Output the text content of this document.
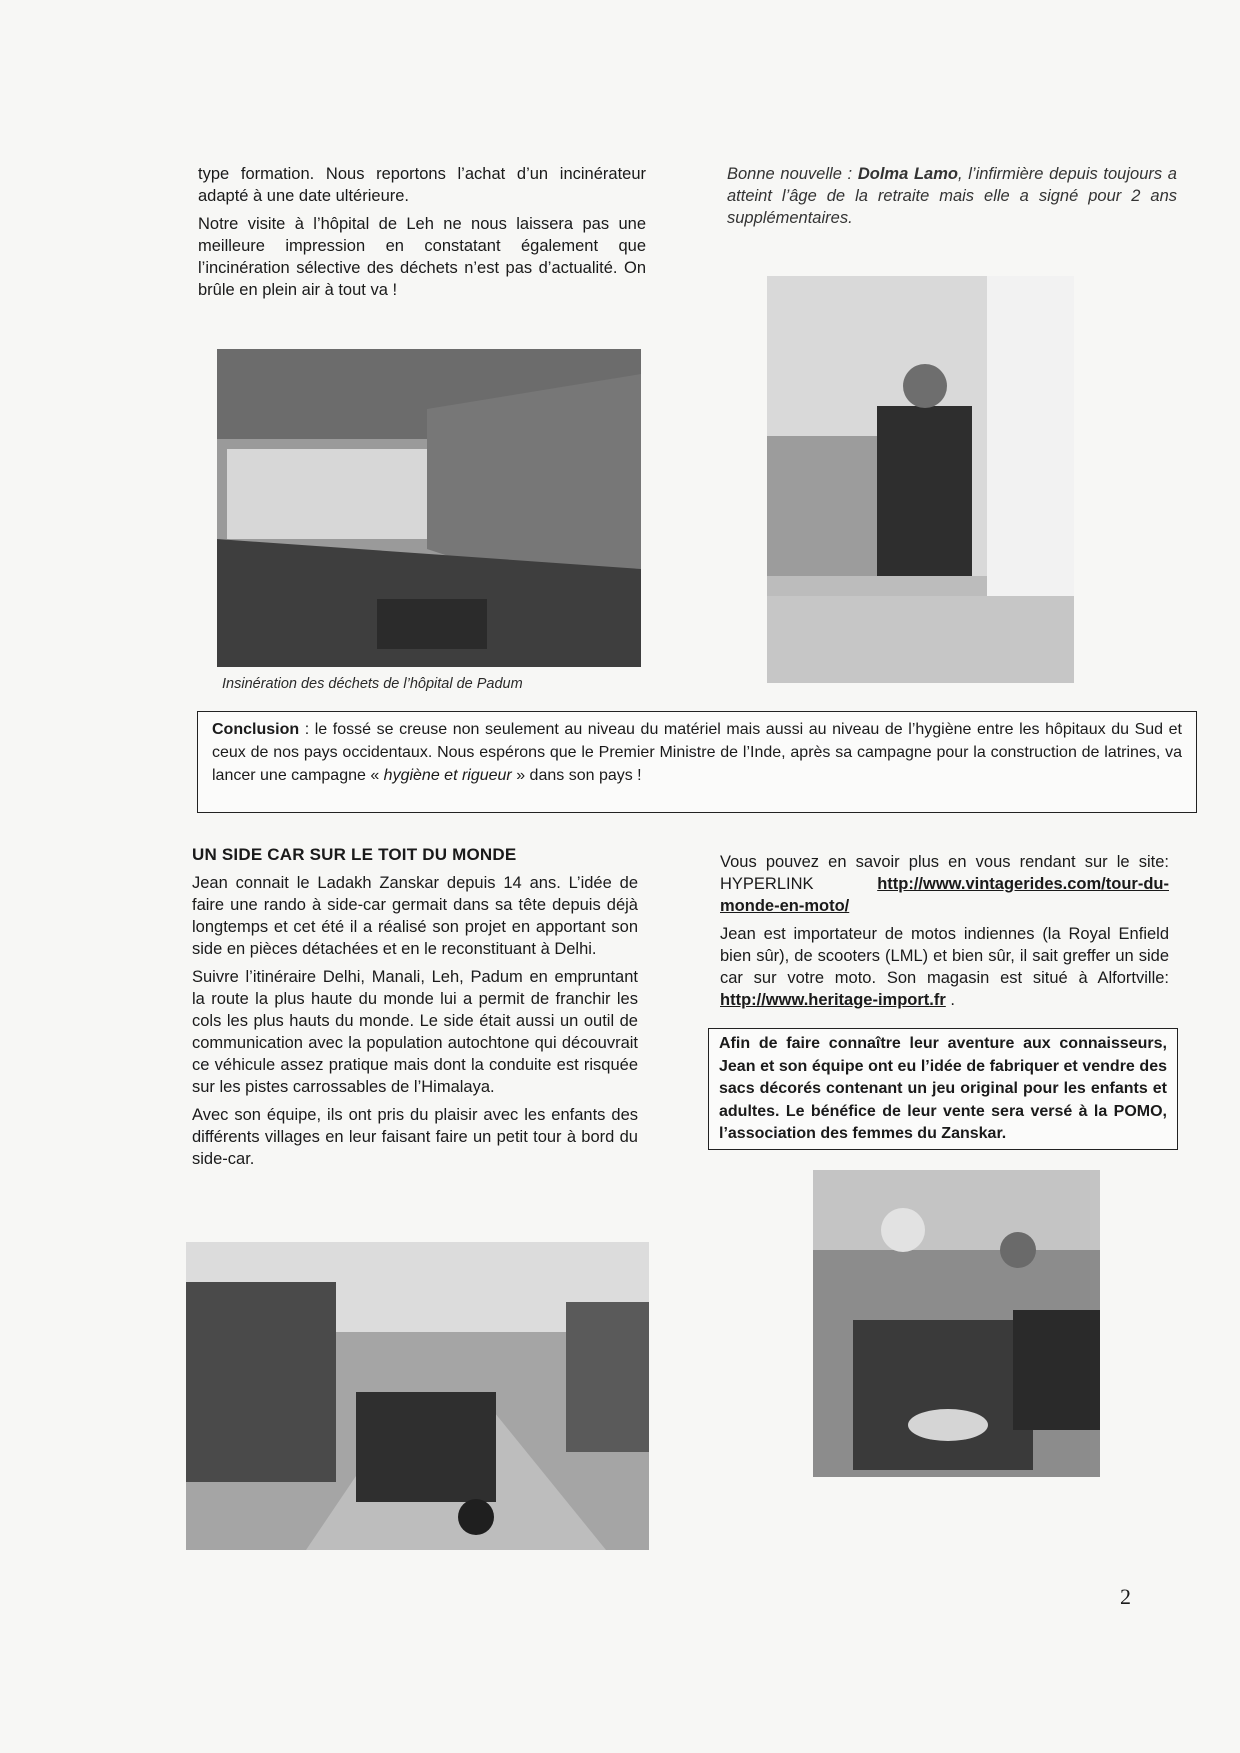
type formation. Nous reportons l’achat d’un incinérateur adapté à une date ultérieure.

Notre visite à l’hôpital de Leh ne nous laissera pas une meilleure impression en constatant également que l’incinération sélective des déchets n’est pas d’actualité. On brûle en plein air à tout va !

Bonne nouvelle : Dolma Lamo, l’infirmière depuis toujours a atteint l’âge de la retraite mais elle a signé pour 2 ans supplémentaires.
Insinération des déchets de l’hôpital de Padum
Conclusion : le fossé se creuse non seulement au niveau du matériel mais aussi au niveau de l’hygiène entre les hôpitaux du Sud et ceux de nos pays occidentaux. Nous espérons que le Premier Ministre de l’Inde, après sa campagne pour la construction de latrines, va lancer une campagne « hygiène et rigueur » dans son pays !
UN SIDE CAR SUR LE TOIT DU MONDE

Jean connait le Ladakh Zanskar depuis 14 ans. L’idée de faire une rando à side-car germait dans sa tête depuis déjà longtemps et cet été il a réalisé son projet en apportant son side en pièces détachées et en le reconstituant à Delhi.

Suivre l’itinéraire Delhi, Manali, Leh, Padum en empruntant la route la plus haute du monde lui a permit de franchir les cols les plus hauts du monde. Le side était aussi un outil de communication avec la population autochtone qui découvrait ce véhicule assez pratique mais dont la conduite est risquée sur les pistes carrossables de l’Himalaya.

Avec son équipe, ils ont pris du plaisir avec les enfants des différents villages en leur faisant faire un petit tour à bord du side-car.

Vous pouvez en savoir plus en vous rendant sur le site: HYPERLINK http://www.vintagerides.com/tour-du-monde-en-moto/

Jean est importateur de motos indiennes (la Royal Enfield bien sûr), de scooters (LML) et bien sûr, il sait greffer un side car sur votre moto. Son magasin est situé à Alfortville: http://www.heritage-import.fr .

Afin de faire connaître leur aventure aux connaisseurs, Jean et son équipe ont eu l’idée de fabriquer et vendre des sacs décorés contenant un jeu original pour les enfants et adultes. Le bénéfice de leur vente sera versé à la POMO, l’association des femmes du Zanskar.
2
